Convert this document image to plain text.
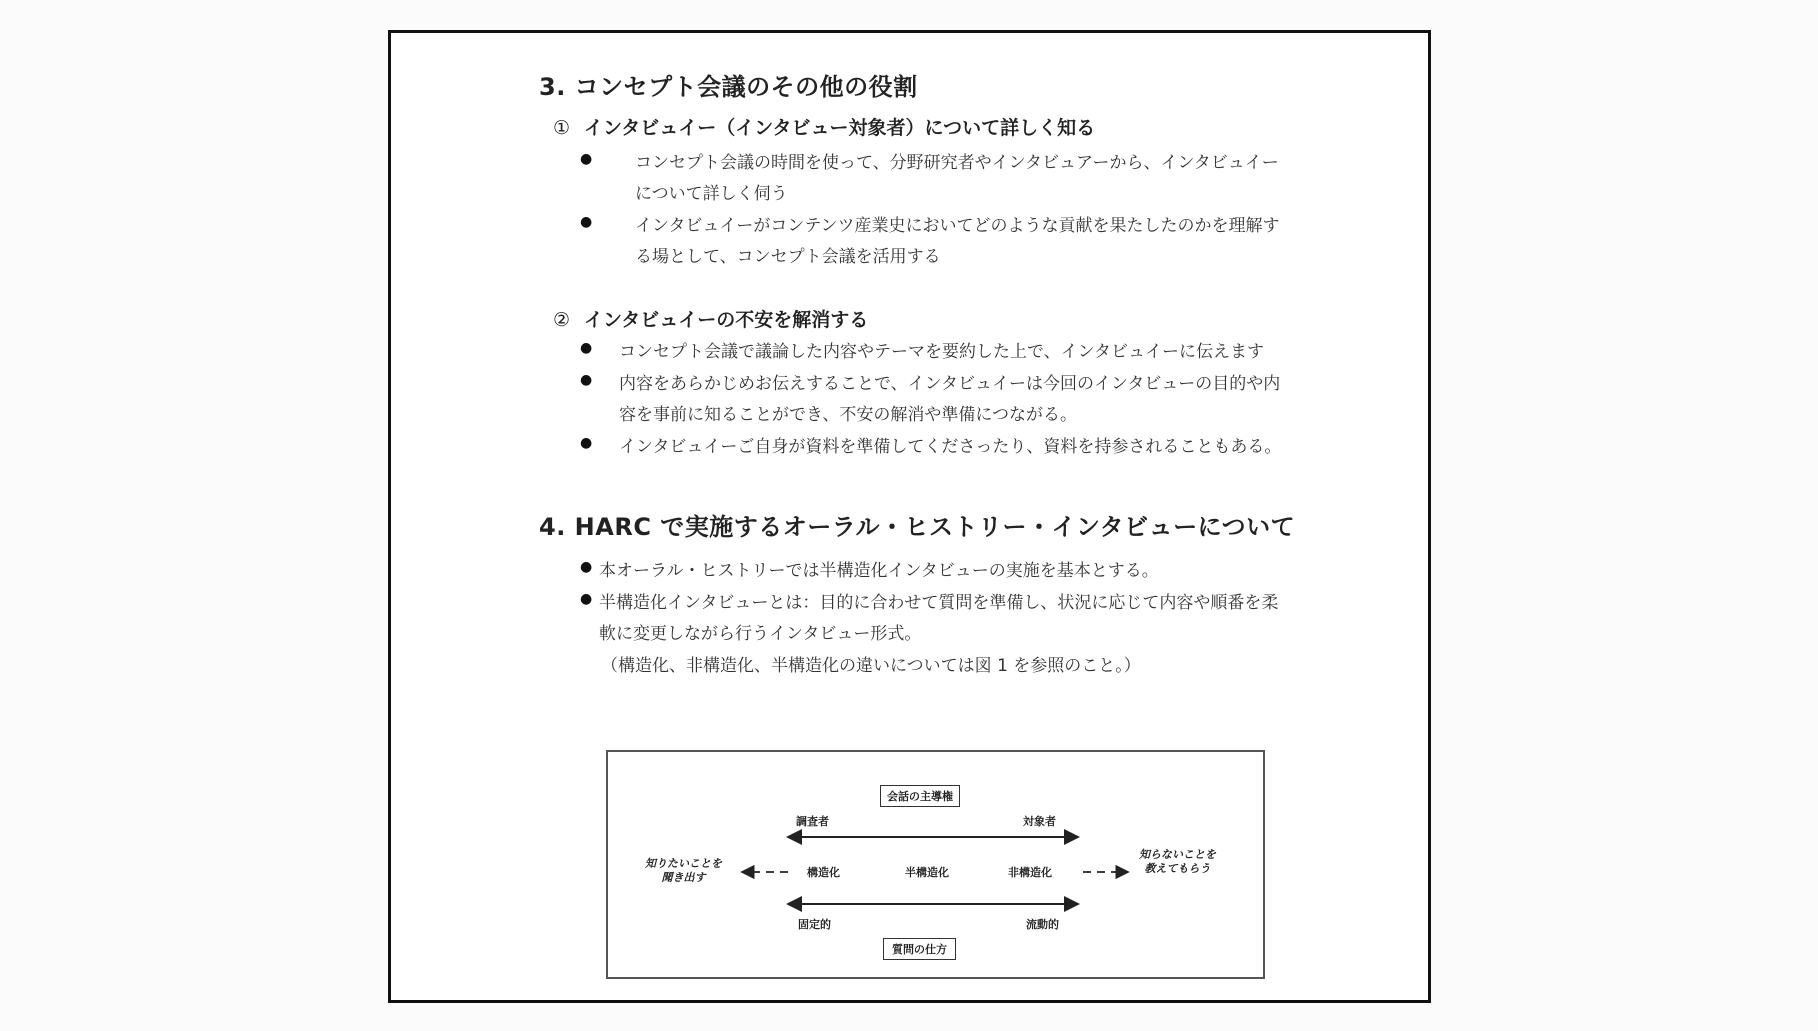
3. コンセプト会議のその他の役割
① インタビュイー（インタビュー対象者）について詳しく知る
●	コンセプト会議の時間を使って、分野研究者やインタビュアーから、インタビュイー
について詳しく伺う
●	インタビュイーがコンテンツ産業史においてどのような貢献を果たしたのかを理解す
る場として、コンセプト会議を活用する
② インタビュイーの不安を解消する
● コンセプト会議で議論した内容やテーマを要約した上で、インタビュイーに伝えます
● 内容をあらかじめお伝えすることで、インタビュイーは今回のインタビューの目的や内
容を事前に知ることができ、不安の解消や準備につながる。
● インタビュイーご自身が資料を準備してくださったり、資料を持参されることもある。
4. HARC で実施するオーラル・ヒストリー・インタビューについて
● 本オーラル・ヒストリーでは半構造化インタビューの実施を基本とする。
● 半構造化インタビューとは：目的に合わせて質問を準備し、状況に応じて内容や順番を柔
軟に変更しながら行うインタビュー形式。
（構造化、非構造化、半構造化の違いについては図 1 を参照のこと。）
会話の主導権
調査者	対象者
知りたいことを
聞き出す
知らないことを
教えてもらう
構造化	半構造化	非構造化
固定的	流動的
質問の仕方
